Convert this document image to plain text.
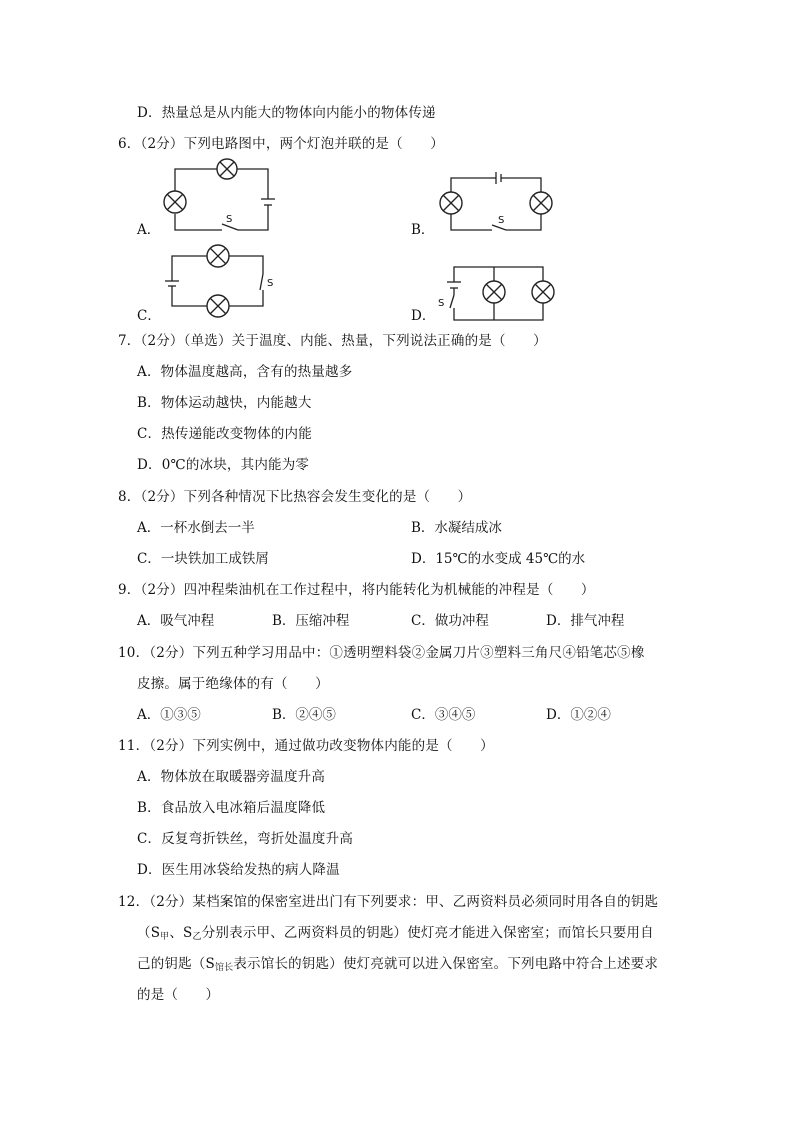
D．热量总是从内能大的物体向内能小的物体传递
6．（2分）下列电路图中，两个灯泡并联的是（　　）
A．
S
B．
S
C．
S
D．
S
7．（2分）（单选）关于温度、内能、热量，下列说法正确的是（　　）
A．物体温度越高，含有的热量越多
B．物体运动越快，内能越大
C．热传递能改变物体的内能
D．0℃的冰块，其内能为零
8．（2分）下列各种情况下比热容会发生变化的是（　　）
A．一杯水倒去一半	B．水凝结成冰
C．一块铁加工成铁屑	D．15℃的水变成 45℃的水
9．（2分）四冲程柴油机在工作过程中，将内能转化为机械能的冲程是（　　）
A．吸气冲程	B．压缩冲程	C．做功冲程	D．排气冲程
10．（2分）下列五种学习用品中：①透明塑料袋②金属刀片③塑料三角尺④铅笔芯⑤橡
皮擦。属于绝缘体的有（　　）
A．①③⑤	B．②④⑤	C．③④⑤	D．①②④
11．（2分）下列实例中，通过做功改变物体内能的是（　　）
A．物体放在取暖器旁温度升高
B．食品放入电冰箱后温度降低
C．反复弯折铁丝，弯折处温度升高
D．医生用冰袋给发热的病人降温
12．（2分）某档案馆的保密室进出门有下列要求：甲、乙两资料员必须同时用各自的钥匙
（$S_甲$、$S_乙$分别表示甲、乙两资料员的钥匙）使灯亮才能进入保密室；而馆长只要用自
己的钥匙（$S_{馆长}$表示馆长的钥匙）使灯亮就可以进入保密室。下列电路中符合上述要求
的是（　　）
